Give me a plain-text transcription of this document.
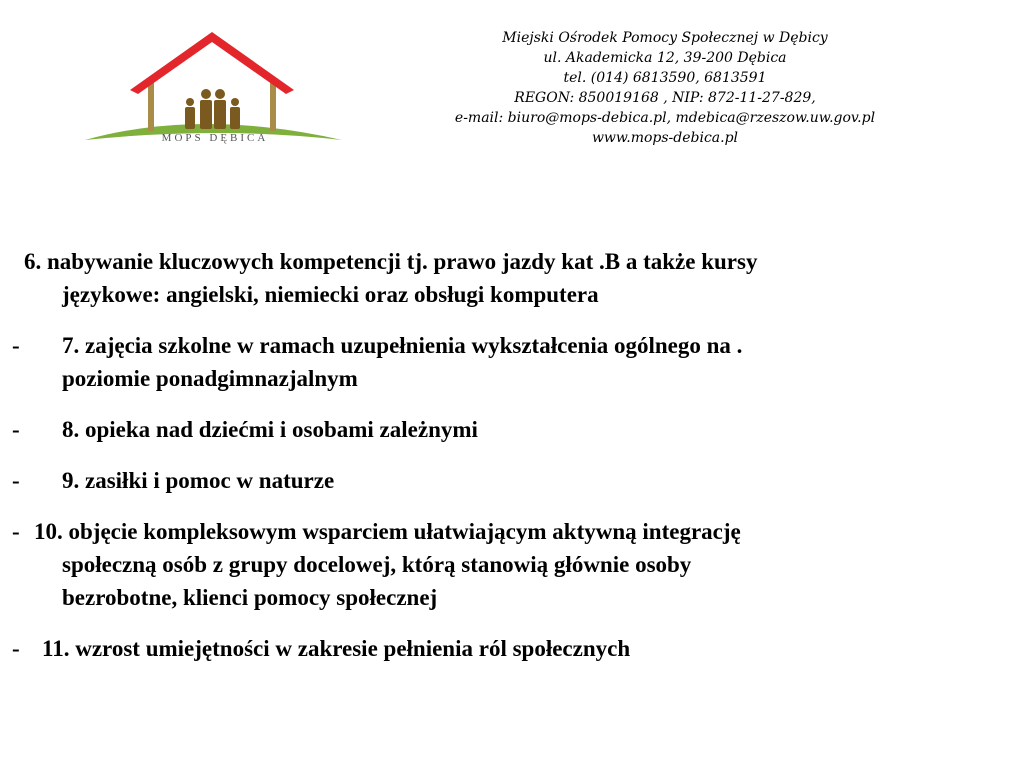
MOPS DĘBICA
Miejski Ośrodek Pomocy Społecznej w Dębicy
ul. Akademicka 12, 39-200 Dębica
tel. (014) 6813590, 6813591
REGON: 850019168 , NIP: 872-11-27-829,
e-mail: biuro@mops-debica.pl, mdebica@rzeszow.uw.gov.pl
www.mops-debica.pl

6. nabywanie kluczowych kompetencji tj. prawo jazdy kat .B a także kursy

językowe: angielski, niemiecki oraz obsługi komputera

-	7. zajęcia szkolne w ramach uzupełnienia wykształcenia ogólnego na .

poziomie ponadgimnazjalnym

-	8. opieka nad dziećmi i osobami zależnymi

-	9. zasiłki i pomoc w naturze

- 10. objęcie kompleksowym wsparciem ułatwiającym aktywną integrację

społeczną osób z grupy docelowej, którą stanowią głównie osoby

bezrobotne, klienci pomocy społecznej

- 11. wzrost umiejętności w zakresie pełnienia ról społecznych
